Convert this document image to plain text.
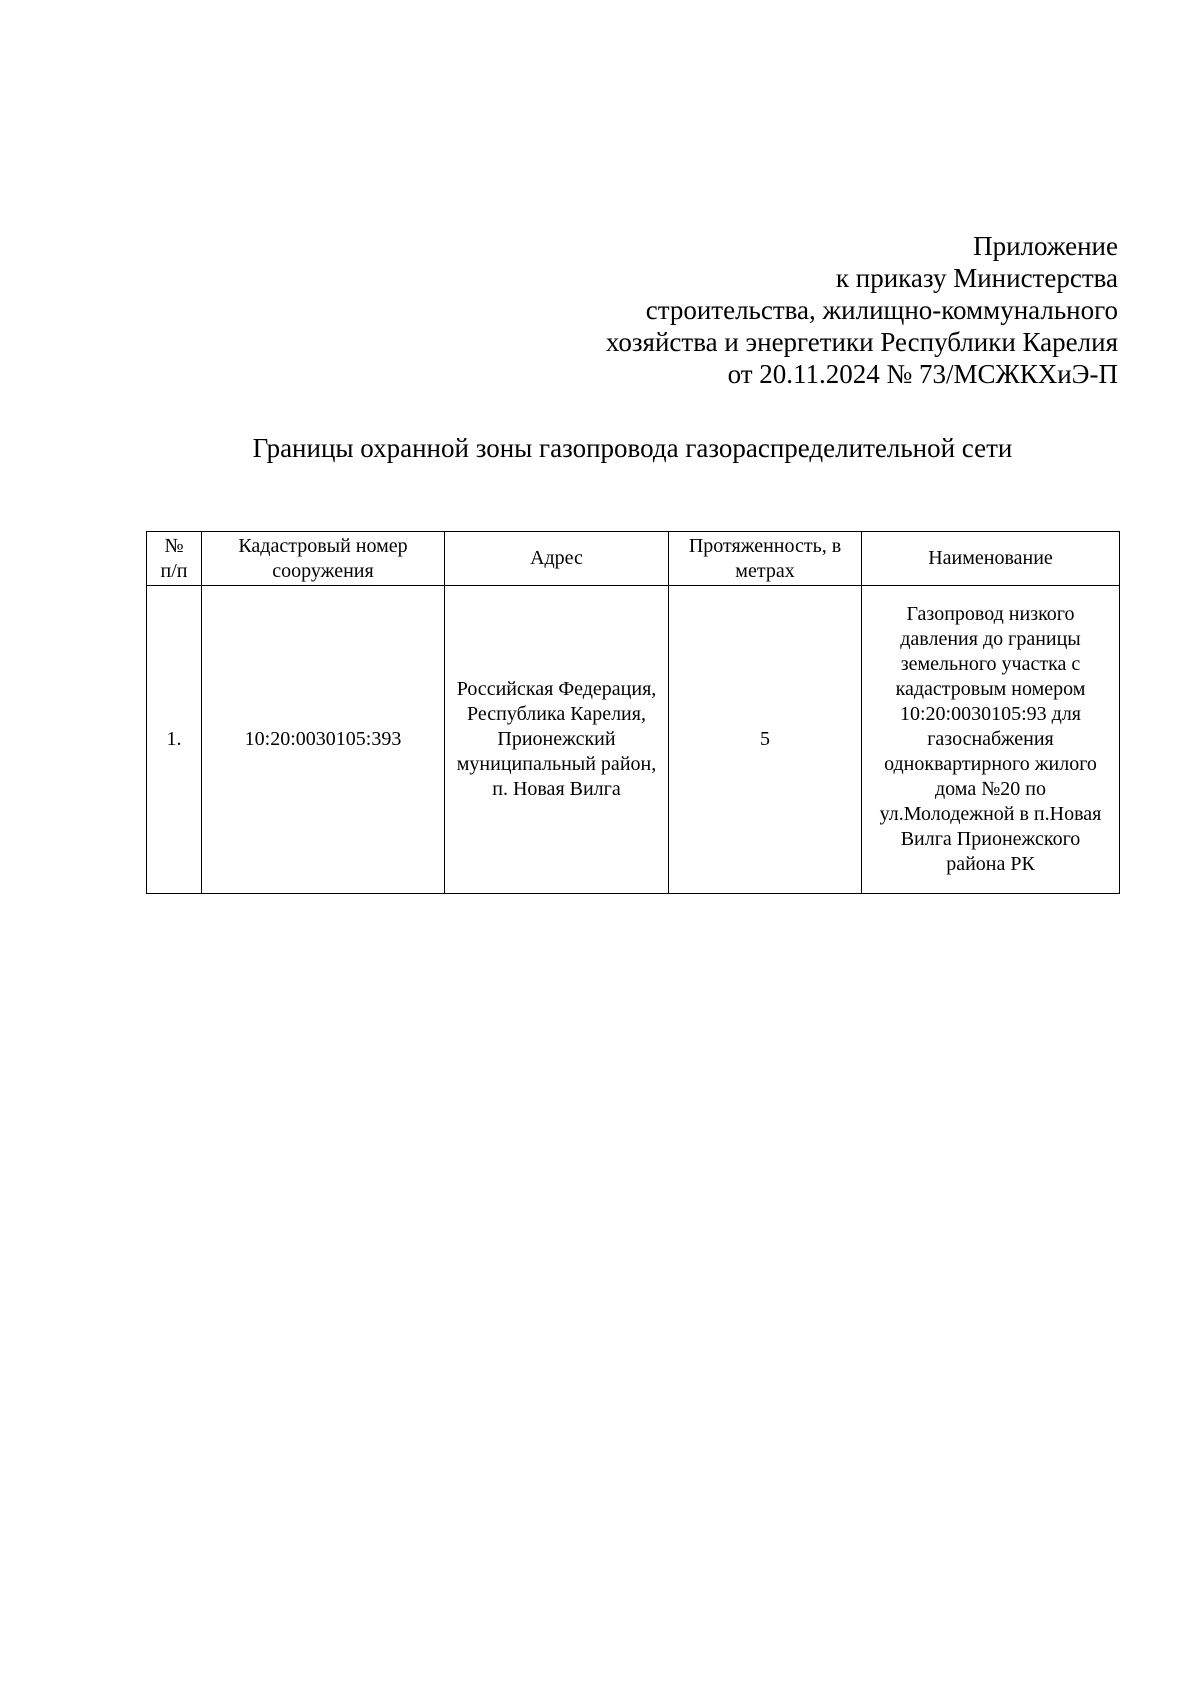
Приложение
к приказу Министерства
строительства, жилищно-коммунального
хозяйства и энергетики Республики Карелия
от 20.11.2024 № 73/МСЖКХиЭ-П
Границы охранной зоны газопровода газораспределительной сети
№ п/п	Кадастровый номер сооружения	Адрес	Протяженность, в метрах	Наименование

1.	10:20:0030105:393	Российская Федерация, Республика Карелия, Прионежский муниципальный район, п. Новая Вилга	5	Газопровод низкого давления до границы земельного участка с кадастровым номером 10:20:0030105:93 для газоснабжения одноквартирного жилого дома №20 по ул.Молодежной в п.Новая Вилга Прионежского района РК
